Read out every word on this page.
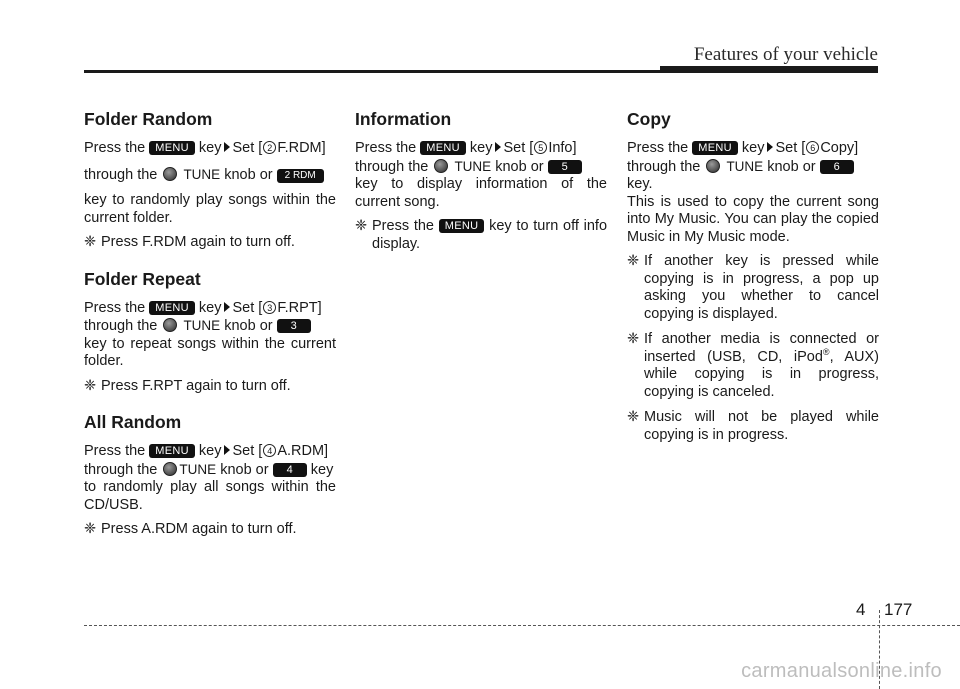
Features of your vehicle
Folder Random

Press the MENU key Set [ 2 F.RDM]

through the TUNE knob or 2 RDM

key to randomly play songs within the current folder.

❈ Press F.RDM again to turn off.
Folder Repeat

Press the MENU key Set [ 3 F.RPT]

through the TUNE knob or 3

key to repeat songs within the current folder.

❈ Press F.RPT again to turn off.
All Random

Press the MENU key Set [ 4 A.RDM]

through the TUNE knob or 4 key

to randomly play all songs within the CD/USB.

❈ Press A.RDM again to turn off.
Information

Press the MENU key Set [ 5 Info]

through the TUNE knob or 5

key to display information of the current song.

❈ Press the MENU key to turn off info display.
Copy

Press the MENU key Set [ 6 Copy]

through the TUNE knob or 6

key.

This is used to copy the current song into My Music. You can play the copied Music in My Music mode.

❈ If another key is pressed while copying is in progress, a pop up asking you whether to cancel copying is displayed.
❈ If another media is connected or inserted (USB, CD, iPod®, AUX) while copying is in progress, copying is canceled.
❈ Music will not be played while copying is in progress.
4 177
carmanualsonline.info
